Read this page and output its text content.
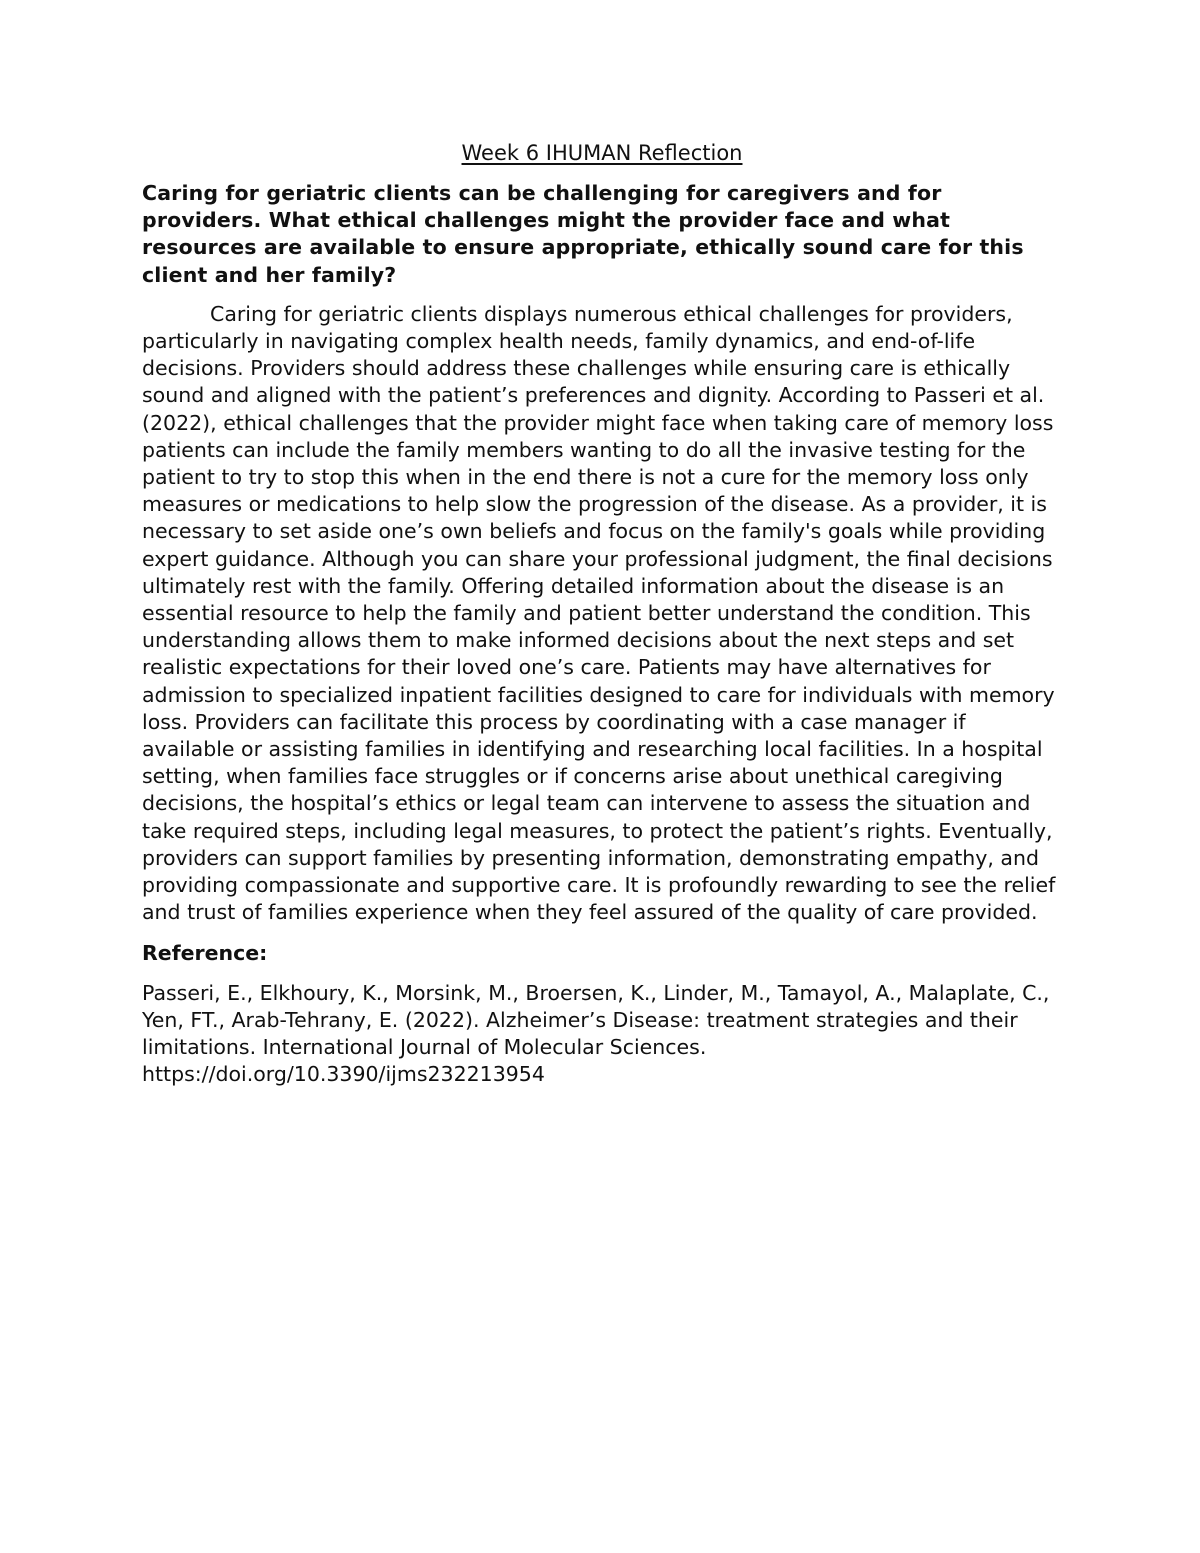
Week 6 IHUMAN Reflection

Caring for geriatric clients can be challenging for caregivers and for providers. What ethical challenges might the provider face and what resources are available to ensure appropriate, ethically sound care for this client and her family?

Caring for geriatric clients displays numerous ethical challenges for providers, particularly in navigating complex health needs, family dynamics, and end-of-life decisions. Providers should address these challenges while ensuring care is ethically sound and aligned with the patient’s preferences and dignity. According to Passeri et al. (2022), ethical challenges that the provider might face when taking care of memory loss patients can include the family members wanting to do all the invasive testing for the patient to try to stop this when in the end there is not a cure for the memory loss only measures or medications to help slow the progression of the disease. As a provider, it is necessary to set aside one’s own beliefs and focus on the family's goals while providing expert guidance. Although you can share your professional judgment, the final decisions ultimately rest with the family. Offering detailed information about the disease is an essential resource to help the family and patient better understand the condition. This understanding allows them to make informed decisions about the next steps and set realistic expectations for their loved one’s care. Patients may have alternatives for admission to specialized inpatient facilities designed to care for individuals with memory loss. Providers can facilitate this process by coordinating with a case manager if available or assisting families in identifying and researching local facilities. In a hospital setting, when families face struggles or if concerns arise about unethical caregiving decisions, the hospital’s ethics or legal team can intervene to assess the situation and take required steps, including legal measures, to protect the patient’s rights. Eventually, providers can support families by presenting information, demonstrating empathy, and providing compassionate and supportive care. It is profoundly rewarding to see the relief and trust of families experience when they feel assured of the quality of care provided.

Reference:

Passeri, E., Elkhoury, K., Morsink, M., Broersen, K., Linder, M., Tamayol, A., Malaplate, C., Yen, FT., Arab-Tehrany, E. (2022). Alzheimer’s Disease: treatment strategies and their limitations. International Journal of Molecular Sciences. https://doi.org/10.3390/ijms232213954
